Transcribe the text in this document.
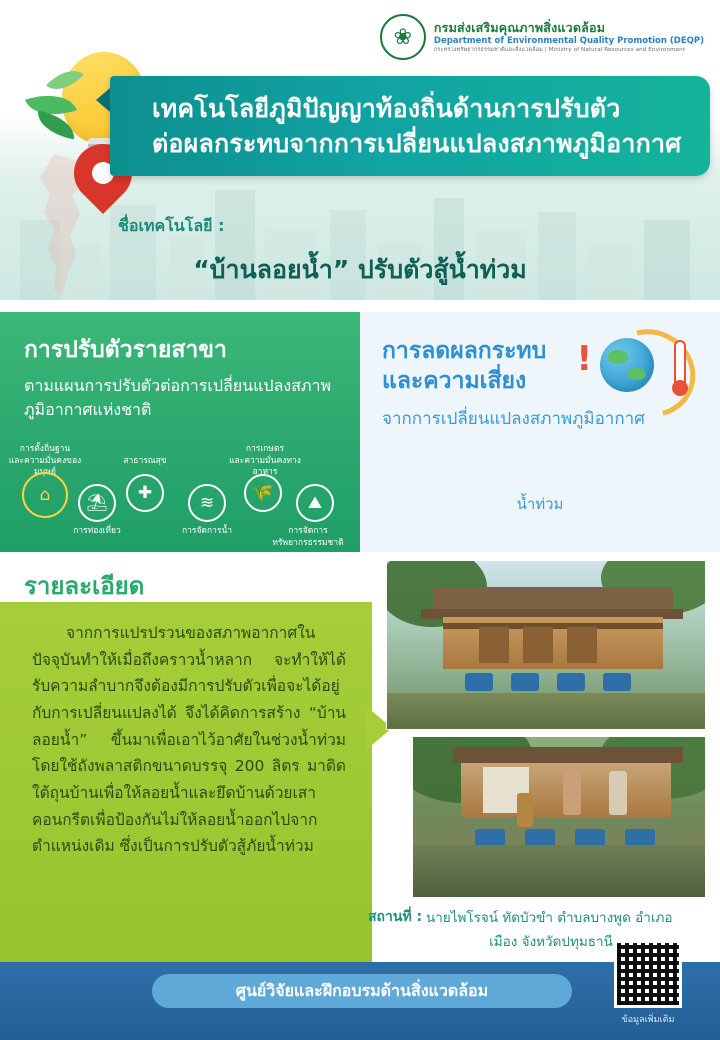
❀	กรมส่งเสริมคุณภาพสิ่งแวดล้อม
Department of Environmental Quality Promotion (DEQP)
กระทรวงทรัพยากรธรรมชาติและสิ่งแวดล้อม | Ministry of Natural Resources and Environment
เทคโนโลยีภูมิปัญญาท้องถิ่นด้านการปรับตัว
ต่อผลกระทบจากการเปลี่ยนแปลงสภาพภูมิอากาศ
ชื่อเทคโนโลยี :
“บ้านลอยน้ำ” ปรับตัวสู้น้ำท่วม
การปรับตัวรายสาขา

ตามแผนการปรับตัวต่อการเปลี่ยนแปลงสภาพภูมิอากาศแห่งชาติ

การตั้งถิ่นฐาน
และความมั่นคงของมนุษย์
⌂
สาธารณสุข
✚
การท่องเที่ยว
⛱
การจัดการน้ำ
≋
การเกษตร
และความมั่นคงทางอาหาร
🌾
การจัดการ
ทรัพยากรธรรมชาติ
⛰
!
การลดผลกระทบ
และความเสี่ยง

จากการเปลี่ยนแปลงสภาพภูมิอากาศ

น้ำท่วม
รายละเอียด

จากการแปรปรวนของสภาพอากาศในปัจจุบันทำให้เมื่อถึงคราวน้ำหลาก จะทำให้ได้รับความลำบากจึงต้องมีการปรับตัวเพื่อจะได้อยู่กับการเปลี่ยนแปลงได้ จึงได้คิดการสร้าง “บ้านลอยน้ำ” ขึ้นมาเพื่อเอาไว้อาศัยในช่วงน้ำท่วม โดยใช้ถังพลาสติกขนาดบรรจุ 200 ลิตร มาติดใต้ถุนบ้านเพื่อให้ลอยน้ำและยึดบ้านด้วยเสาคอนกรีตเพื่อป้องกันไม่ให้ลอยน้ำออกไปจากตำแหน่งเดิม ซึ่งเป็นการปรับตัวสู้ภัยน้ำท่วม

สถานที่ : นายไพโรจน์ ทัดบัวขำ ตำบลบางพูด อำเภอ
เมือง จังหวัดปทุมธานี
ศูนย์วิจัยและฝึกอบรมด้านสิ่งแวดล้อม
ข้อมูลเพิ่มเติม
